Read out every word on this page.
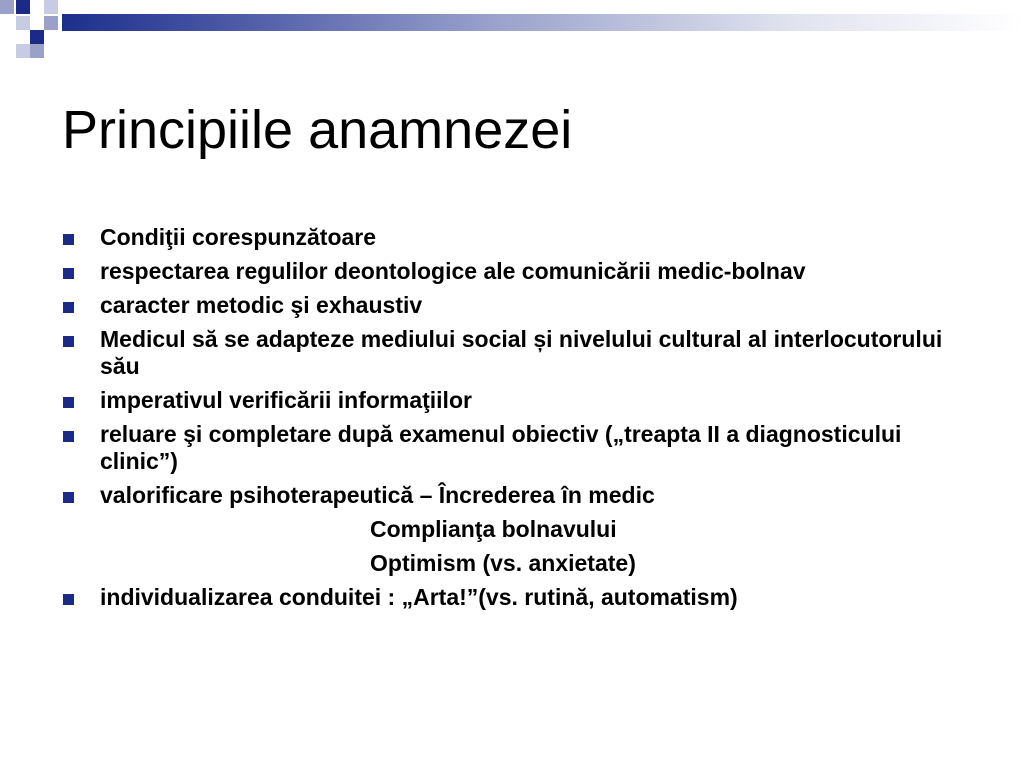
Principiile anamnezei
Condiţii corespunzătoare
respectarea regulilor deontologice ale comunicării medic-bolnav
caracter metodic şi exhaustiv
Medicul să se adapteze mediului social și nivelului cultural al interlocutorului său
imperativul verificării informaţiilor
reluare şi completare după examenul obiectiv („treapta II a diagnosticului clinic”)
valorificare psihoterapeutică – Încrederea în medic
Complianţa bolnavului
Optimism (vs. anxietate)
individualizarea conduitei : „Arta!”(vs. rutină, automatism)
